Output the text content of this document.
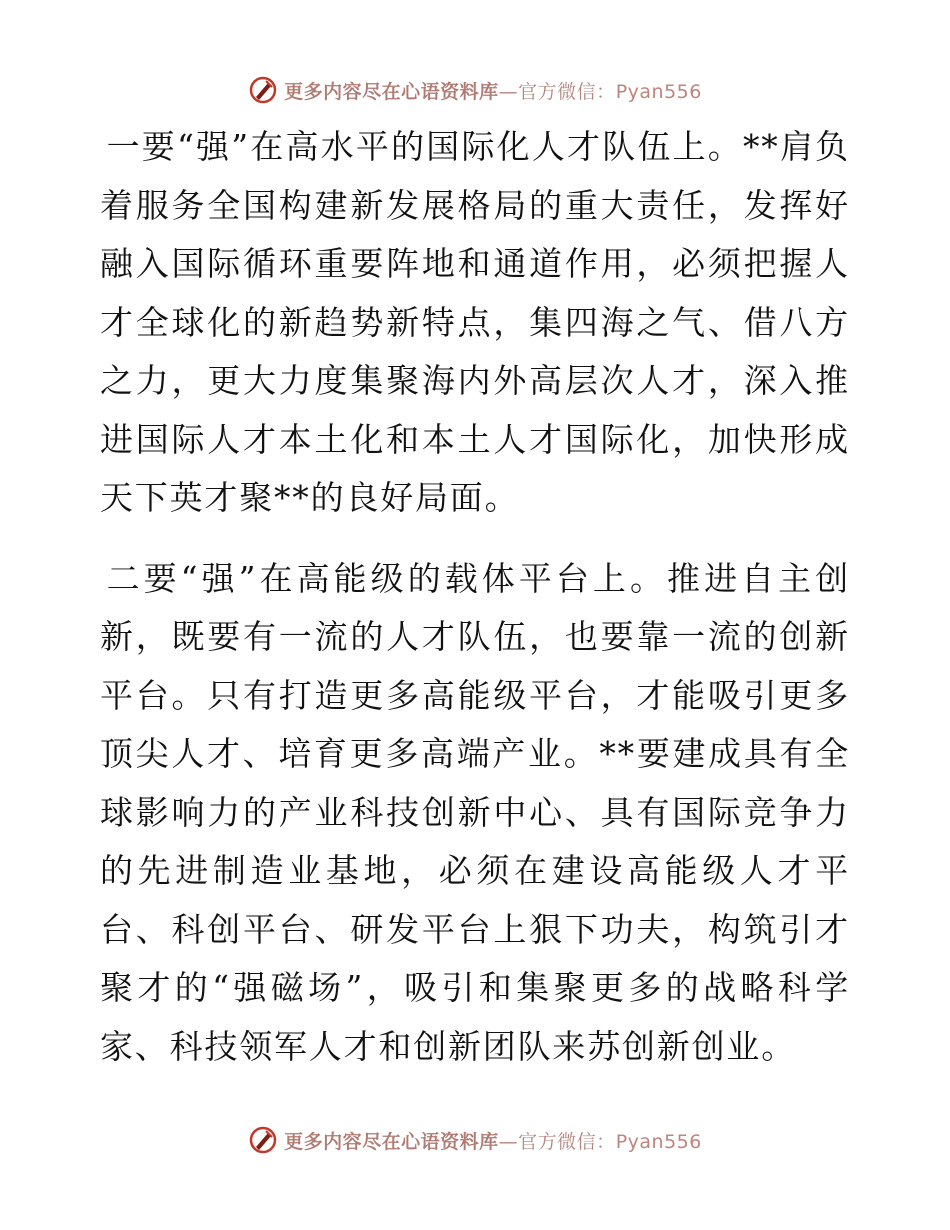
更多内容尽在心语资料库—官方微信：Pyan556

一要“强”在高水平的国际化人才队伍上。**肩负着服务全国构建新发展格局的重大责任，发挥好融入国际循环重要阵地和通道作用，必须把握人才全球化的新趋势新特点，集四海之气、借八方之力，更大力度集聚海内外高层次人才，深入推进国际人才本土化和本土人才国际化，加快形成天下英才聚**的良好局面。

二要“强”在高能级的载体平台上。推进自主创新，既要有一流的人才队伍，也要靠一流的创新平台。只有打造更多高能级平台，才能吸引更多顶尖人才、培育更多高端产业。**要建成具有全球影响力的产业科技创新中心、具有国际竞争力的先进制造业基地，必须在建设高能级人才平台、科创平台、研发平台上狠下功夫，构筑引才聚才的“强磁场”，吸引和集聚更多的战略科学家、科技领军人才和创新团队来苏创新创业。

更多内容尽在心语资料库—官方微信：Pyan556
